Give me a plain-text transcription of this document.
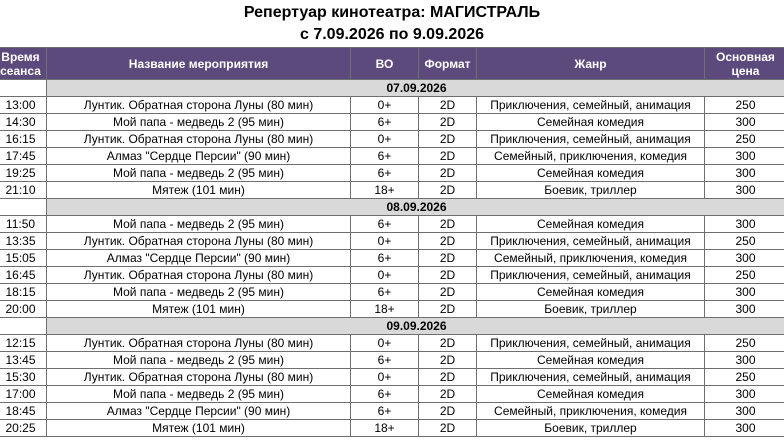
Репертуар кинотеатра: МАГИСТРАЛЬ
с 7.09.2026 по 9.09.2026
Время сеанса	Название мероприятия	ВО	Формат	Жанр	Основная цена
	07.09.2026				
13:00	Лунтик. Обратная сторона Луны (80 мин)	0+	2D	Приключения, семейный, анимация	250
14:30	Мой папа - медведь 2 (95 мин)	6+	2D	Семейная комедия	300
16:15	Лунтик. Обратная сторона Луны (80 мин)	0+	2D	Приключения, семейный, анимация	250
17:45	Алмаз "Сердце Персии" (90 мин)	6+	2D	Семейный, приключения, комедия	300
19:25	Мой папа - медведь 2 (95 мин)	6+	2D	Семейная комедия	300
21:10	Мятеж (101 мин)	18+	2D	Боевик, триллер	300
	08.09.2026				
11:50	Мой папа - медведь 2 (95 мин)	6+	2D	Семейная комедия	300
13:35	Лунтик. Обратная сторона Луны (80 мин)	0+	2D	Приключения, семейный, анимация	250
15:05	Алмаз "Сердце Персии" (90 мин)	6+	2D	Семейный, приключения, комедия	300
16:45	Лунтик. Обратная сторона Луны (80 мин)	0+	2D	Приключения, семейный, анимация	250
18:15	Мой папа - медведь 2 (95 мин)	6+	2D	Семейная комедия	300
20:00	Мятеж (101 мин)	18+	2D	Боевик, триллер	300
	09.09.2026				
12:15	Лунтик. Обратная сторона Луны (80 мин)	0+	2D	Приключения, семейный, анимация	250
13:45	Мой папа - медведь 2 (95 мин)	6+	2D	Семейная комедия	300
15:30	Лунтик. Обратная сторона Луны (80 мин)	0+	2D	Приключения, семейный, анимация	250
17:00	Мой папа - медведь 2 (95 мин)	6+	2D	Семейная комедия	300
18:45	Алмаз "Сердце Персии" (90 мин)	6+	2D	Семейный, приключения, комедия	300
20:25	Мятеж (101 мин)	18+	2D	Боевик, триллер	300
